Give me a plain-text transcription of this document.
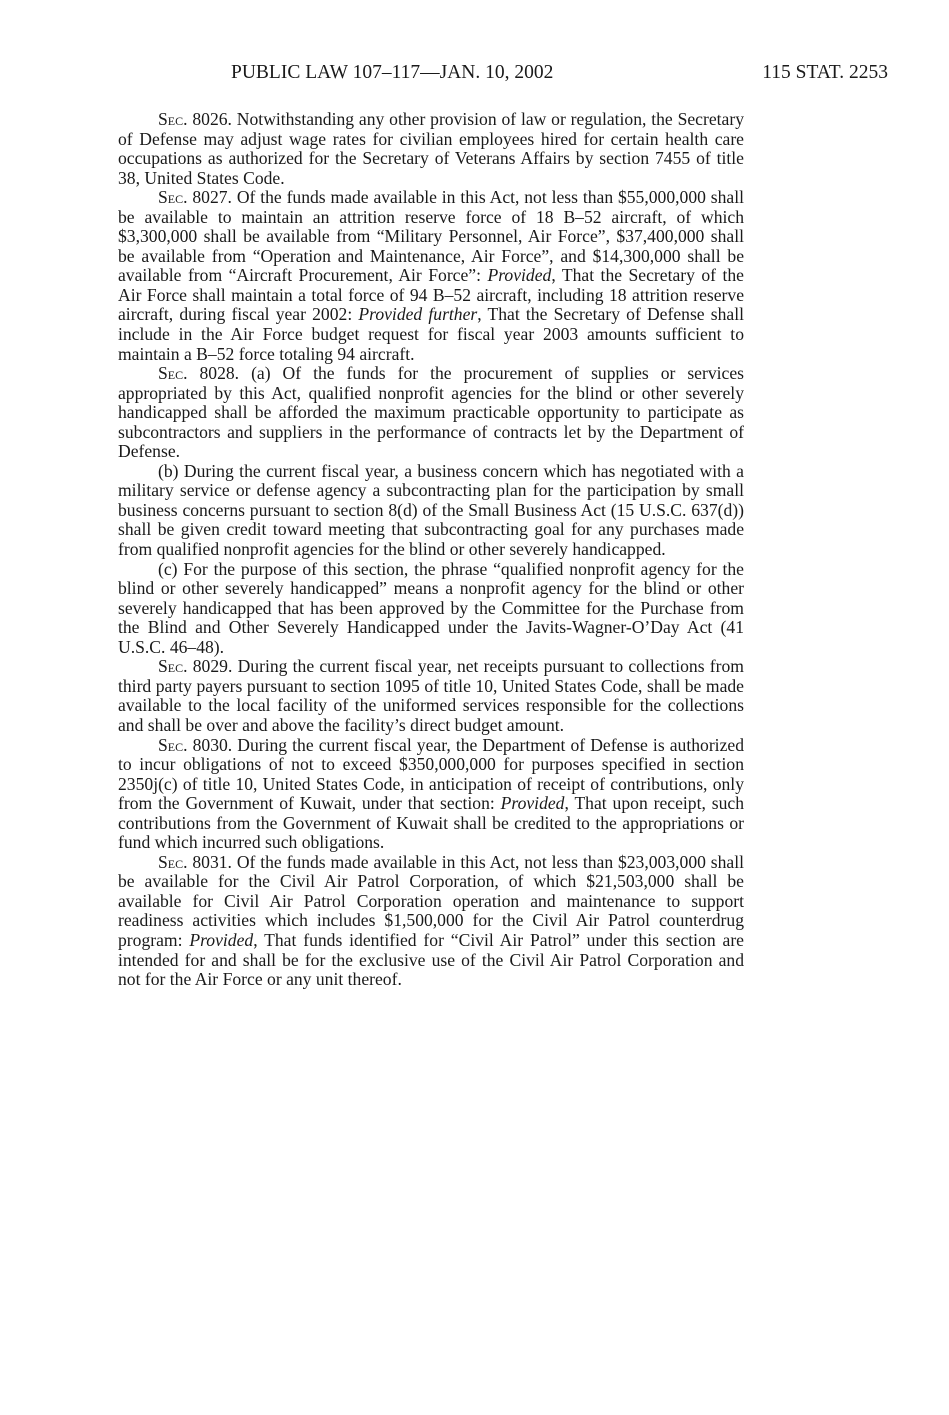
PUBLIC LAW 107–117—JAN. 10, 2002	115 STAT. 2253

Sec. 8026. Notwithstanding any other provision of law or regulation, the Secretary of Defense may adjust wage rates for civilian employees hired for certain health care occupations as authorized for the Secretary of Veterans Affairs by section 7455 of title 38, United States Code.

Sec. 8027. Of the funds made available in this Act, not less than $55,000,000 shall be available to maintain an attrition reserve force of 18 B–52 aircraft, of which $3,300,000 shall be available from “Military Personnel, Air Force”, $37,400,000 shall be available from “Operation and Maintenance, Air Force”, and $14,300,000 shall be available from “Aircraft Procurement, Air Force”: Provided, That the Secretary of the Air Force shall maintain a total force of 94 B–52 aircraft, including 18 attrition reserve aircraft, during fiscal year 2002: Provided further, That the Secretary of Defense shall include in the Air Force budget request for fiscal year 2003 amounts sufficient to maintain a B–52 force totaling 94 aircraft.

Sec. 8028. (a) Of the funds for the procurement of supplies or services appropriated by this Act, qualified nonprofit agencies for the blind or other severely handicapped shall be afforded the maximum practicable opportunity to participate as subcontractors and suppliers in the performance of contracts let by the Department of Defense.

(b) During the current fiscal year, a business concern which has negotiated with a military service or defense agency a subcontracting plan for the participation by small business concerns pursuant to section 8(d) of the Small Business Act (15 U.S.C. 637(d)) shall be given credit toward meeting that subcontracting goal for any purchases made from qualified nonprofit agencies for the blind or other severely handicapped.

(c) For the purpose of this section, the phrase “qualified nonprofit agency for the blind or other severely handicapped” means a nonprofit agency for the blind or other severely handicapped that has been approved by the Committee for the Purchase from the Blind and Other Severely Handicapped under the Javits-Wagner-O’Day Act (41 U.S.C. 46–48).

Sec. 8029. During the current fiscal year, net receipts pursuant to collections from third party payers pursuant to section 1095 of title 10, United States Code, shall be made available to the local facility of the uniformed services responsible for the collections and shall be over and above the facility’s direct budget amount.

Sec. 8030. During the current fiscal year, the Department of Defense is authorized to incur obligations of not to exceed $350,000,000 for purposes specified in section 2350j(c) of title 10, United States Code, in anticipation of receipt of contributions, only from the Government of Kuwait, under that section: Provided, That upon receipt, such contributions from the Government of Kuwait shall be credited to the appropriations or fund which incurred such obligations.

Sec. 8031. Of the funds made available in this Act, not less than $23,003,000 shall be available for the Civil Air Patrol Corporation, of which $21,503,000 shall be available for Civil Air Patrol Corporation operation and maintenance to support readiness activities which includes $1,500,000 for the Civil Air Patrol counterdrug program: Provided, That funds identified for “Civil Air Patrol” under this section are intended for and shall be for the exclusive use of the Civil Air Patrol Corporation and not for the Air Force or any unit thereof.
